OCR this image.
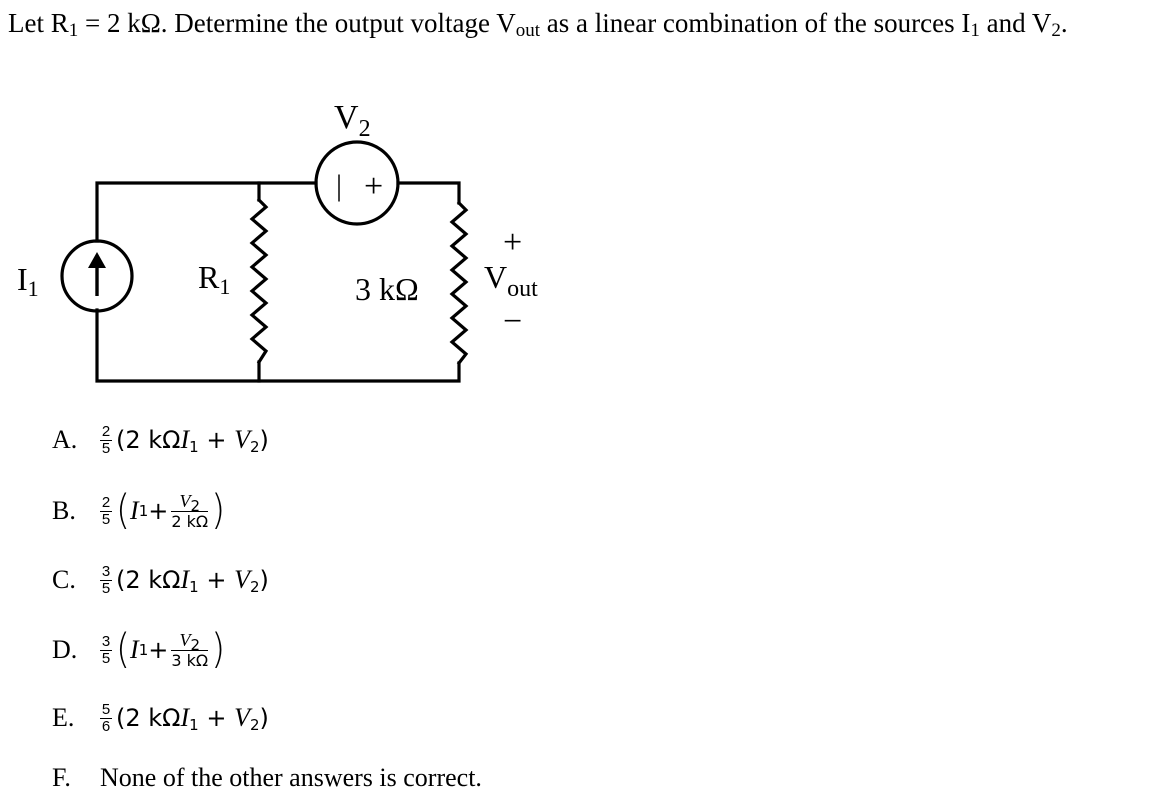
Let $R_1 = 2$ kΩ. Determine the output voltage $V_{out}$ as a linear combination of the sources $I_1$ and $V_2$.
I1	R1
$V_2$
| +
3 kΩ
+
$V_{out}$
−
A.	$\frac{2}{5} (2$ $k\Omega I_1 + V_2$)
B.	$\frac{2}{5}$ ( I $1 + V_2$
2 kΩ )
C.	$\frac{3}{5} (2$ $k\Omega I_1 + V_2$)
D.	$\frac{3}{5}$ ( I $1 + V_2$
3 kΩ )
E.	$\frac{5}{6} (2$ $k\Omega I_1 + V_2$)
F. None of the other answers is correct.
